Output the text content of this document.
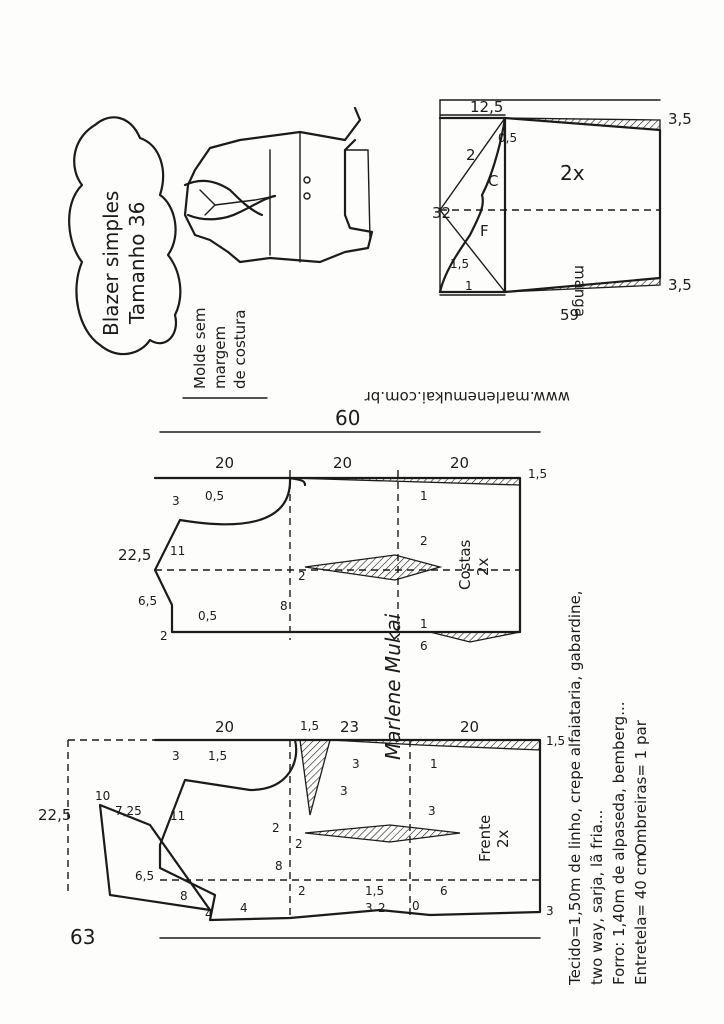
Blazer simples Tamanho 36
Molde sem margem de costura
www.marlenemukai.com.br
3,5
3,5
12,5
32
59
0,5
2
1,5
1
C
F
2x
manga
60
20	20	20
1,5
22,5
3 0,5
11
6,5
2
0,5
8
2
1
2
6
1
Costas 2x
63
20	1,5 23	20
1,5
22,5
10
7,25
3 1,5
11
2
2
3	1
3
3
6,5
8
8
4 4
2	1,5
3 2
6
0	3
Frente 2x
Marlene Mukai	Tecido=1,50m de linho, crepe alfaiataria, gabardine, two way, sarja, lã fria... Forro: 1,40m de alpaseda, bemberg... Entretela= 40 cm
Ombreiras= 1 par
